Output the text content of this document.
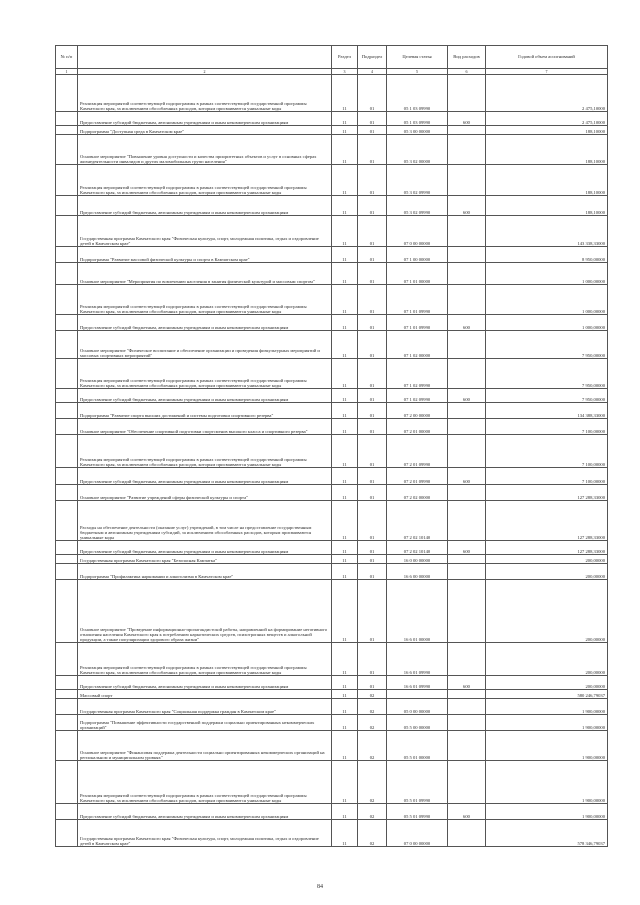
№ п/п		Раздел	Подраздел	Целевая статья	Вид расходов	Годовой объем ассигнований
1	2	3	4	5	6	7
	Реализация мероприятий соответствующей подпрограммы в рамках соответствующей государственной программы Камчатского края, за исключением обособленных расходов, которым присваиваются уникальные коды	11	01	05 1 03 09990		2 475,10000
	Предоставление субсидий бюджетным, автономным учреждениям и иным некоммерческим организациям	11	01	05 1 03 09990	600	2 475,10000
	Подпрограмма "Доступная среда в Камчатском крае"	11	01	05 3 00 00000		188,10000
	Основное мероприятие "Повышение уровня доступности и качества приоритетных объектов и услуг в основных сферах жизнедеятельности инвалидов и других маломобильных групп населения"	11	01	05 3 02 00000		188,10000
	Реализация мероприятий соответствующей подпрограммы в рамках соответствующей государственной программы Камчатского края, за исключением обособленных расходов, которым присваиваются уникальные коды	11	01	05 3 02 09990		188,10000
	Предоставление субсидий бюджетным, автономным учреждениям и иным некоммерческим организациям	11	01	05 3 02 09990	600	188,10000
	Государственная программа Камчатского края "Физическая культура, спорт, молодежная политика, отдых и оздоровление детей в Камчатском крае"	11	01	07 0 00 00000		143 338,33000
	Подпрограмма "Развитие массовой физической культуры и спорта в Камчатском крае"	11	01	07 1 00 00000		8 950,00000
	Основное мероприятие "Мероприятия по вовлечению населения в занятия физической культурой и массовым спортом"	11	01	07 1 01 00000		1 000,00000
	Реализация мероприятий соответствующей подпрограммы в рамках соответствующей государственной программы Камчатского края, за исключением обособленных расходов, которым присваиваются уникальные коды	11	01	07 1 01 09990		1 000,00000
	Предоставление субсидий бюджетным, автономным учреждениям и иным некоммерческим организациям	11	01	07 1 01 09990	600	1 000,00000
	Основное мероприятие "Физическое воспитание и обеспечение организации и проведения физкультурных мероприятий и массовых спортивных мероприятий"	11	01	07 1 02 00000		7 950,00000
	Реализация мероприятий соответствующей подпрограммы в рамках соответствующей государственной программы Камчатского края, за исключением обособленных расходов, которым присваиваются уникальные коды	11	01	07 1 02 09990		7 950,00000
	Предоставление субсидий бюджетным, автономным учреждениям и иным некоммерческим организациям	11	01	07 1 02 09990	600	7 950,00000
	Подпрограмма "Развитие спорта высших достижений и системы подготовки спортивного резерва"	11	01	07 2 00 00000		134 388,33000
	Основное мероприятие "Обеспечение спортивной подготовки спортсменов высокого класса и спортивного резерва"	11	01	07 2 01 00000		7 100,00000
	Реализация мероприятий соответствующей подпрограммы в рамках соответствующей государственной программы Камчатского края, за исключением обособленных расходов, которым присваиваются уникальные коды	11	01	07 2 01 09990		7 100,00000
	Предоставление субсидий бюджетным, автономным учреждениям и иным некоммерческим организациям	11	01	07 2 01 09990	600	7 100,00000
	Основное мероприятие "Развитие учреждений сферы физической культуры и спорта"	11	01	07 2 02 00000		127 288,33000
	Расходы на обеспечение деятельности (оказание услуг) учреждений, в том числе на предоставление государственным бюджетным и автономным учреждениям субсидий, за исключением обособленных расходов, которым присваиваются уникальные коды	11	01	07 2 02 10140		127 288,33000
	Предоставление субсидий бюджетным, автономным учреждениям и иным некоммерческим организациям	11	01	07 2 02 10140	600	127 288,33000
	Государственная программа Камчатского края "Безопасная Камчатка"	11	01	16 0 00 00000		200,00000
	Подпрограмма "Профилактика наркомании и алкоголизма в Камчатском крае"	11	01	16 6 00 00000		200,00000
	Основное мероприятие "Проведение информационно-пропагандистской работы, направленной на формирование негативного отношения населения Камчатского края к потреблению наркотических средств, психотропных веществ и алкогольной продукции, а также популяризации здорового образа жизни"	11	01	16 6 01 00000		200,00000
	Реализация мероприятий соответствующей подпрограммы в рамках соответствующей государственной программы Камчатского края, за исключением обособленных расходов, которым присваиваются уникальные коды	11	01	16 6 01 09990		200,00000
	Предоставление субсидий бюджетным, автономным учреждениям и иным некоммерческим организациям	11	01	16 6 01 09990	600	200,00000
	Массовый спорт	11	02			580 246,79037
	Государственная программа Камчатского края "Социальная поддержка граждан в Камчатском крае"	11	02	05 0 00 00000		1 900,00000
	Подпрограмма "Повышение эффективности государственной поддержки социально ориентированных некоммерческих организаций"	11	02	05 5 00 00000		1 900,00000
	Основное мероприятие "Финансовая поддержка деятельности социально ориентированных некоммерческих организаций на региональном и муниципальном уровнях"	11	02	05 5 01 00000		1 900,00000
	Реализация мероприятий соответствующей подпрограммы в рамках соответствующей государственной программы Камчатского края, за исключением обособленных расходов, которым присваиваются уникальные коды	11	02	05 5 01 09990		1 900,00000
	Предоставление субсидий бюджетным, автономным учреждениям и иным некоммерческим организациям	11	02	05 5 01 09990	600	1 900,00000
	Государственная программа Камчатского края "Физическая культура, спорт, молодежная политика, отдых и оздоровление детей в Камчатском крае"	11	02	07 0 00 00000		578 346,79037
84
